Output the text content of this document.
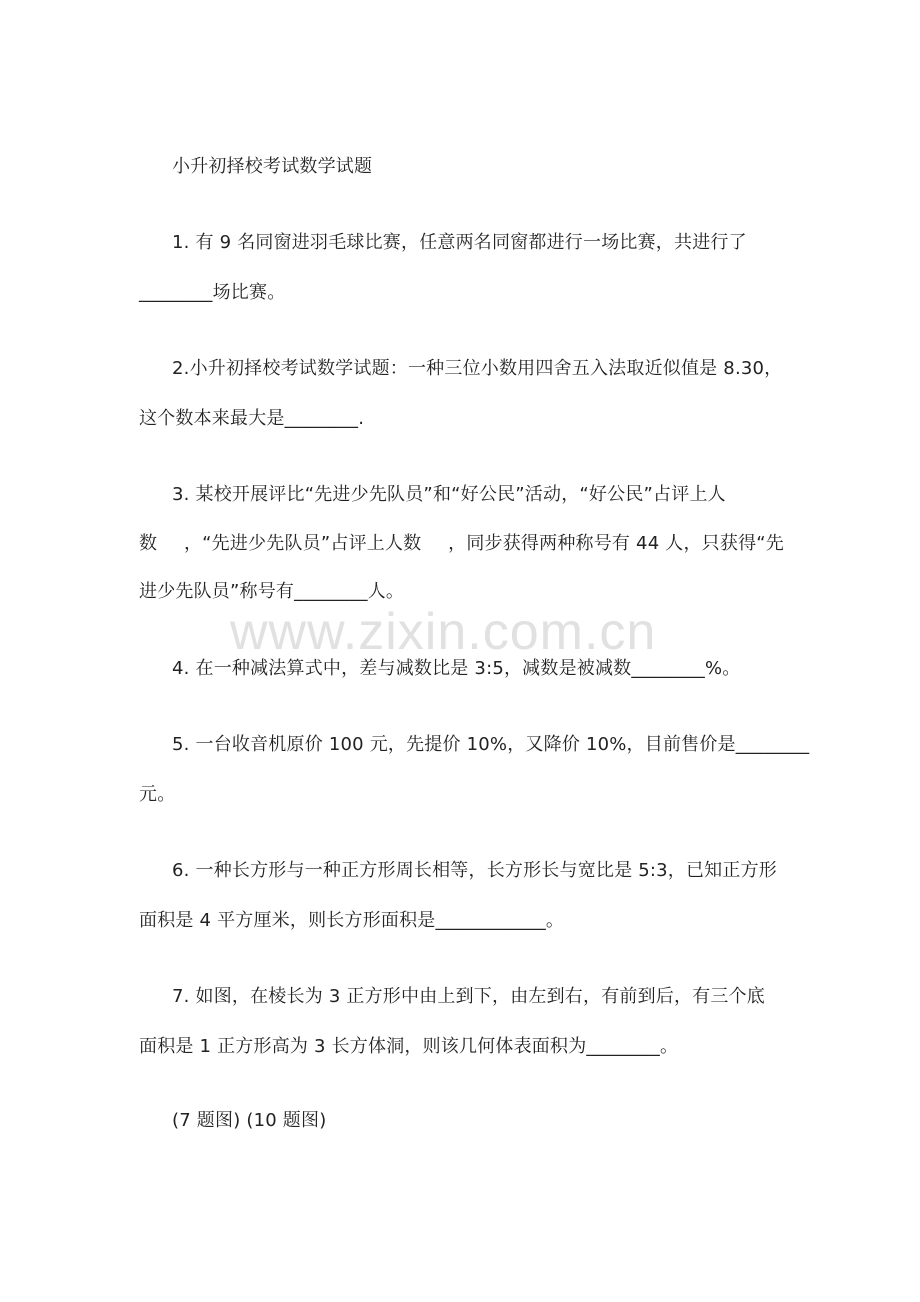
www.zixin.com.cn
小升初择校考试数学试题
1. 有 9 名同窗进羽毛球比赛，任意两名同窗都进行一场比赛，共进行了
________场比赛。
2.小升初择校考试数学试题：一种三位小数用四舍五入法取近似值是 8.30，
这个数本来最大是________.
3. 某校开展评比“先进少先队员”和“好公民”活动，“好公民”占评上人
数 ，“先进少先队员”占评上人数 ，同步获得两种称号有 44 人，只获得“先
进少先队员”称号有________人。
4. 在一种减法算式中，差与减数比是 3:5，减数是被减数________%。
5. 一台收音机原价 100 元，先提价 10%，又降价 10%，目前售价是________
元。
6. 一种长方形与一种正方形周长相等，长方形长与宽比是 5:3，已知正方形
面积是 4 平方厘米，则长方形面积是____________。
7. 如图，在棱长为 3 正方形中由上到下，由左到右，有前到后，有三个底
面积是 1 正方形高为 3 长方体洞，则该几何体表面积为________。
(7 题图) (10 题图)
